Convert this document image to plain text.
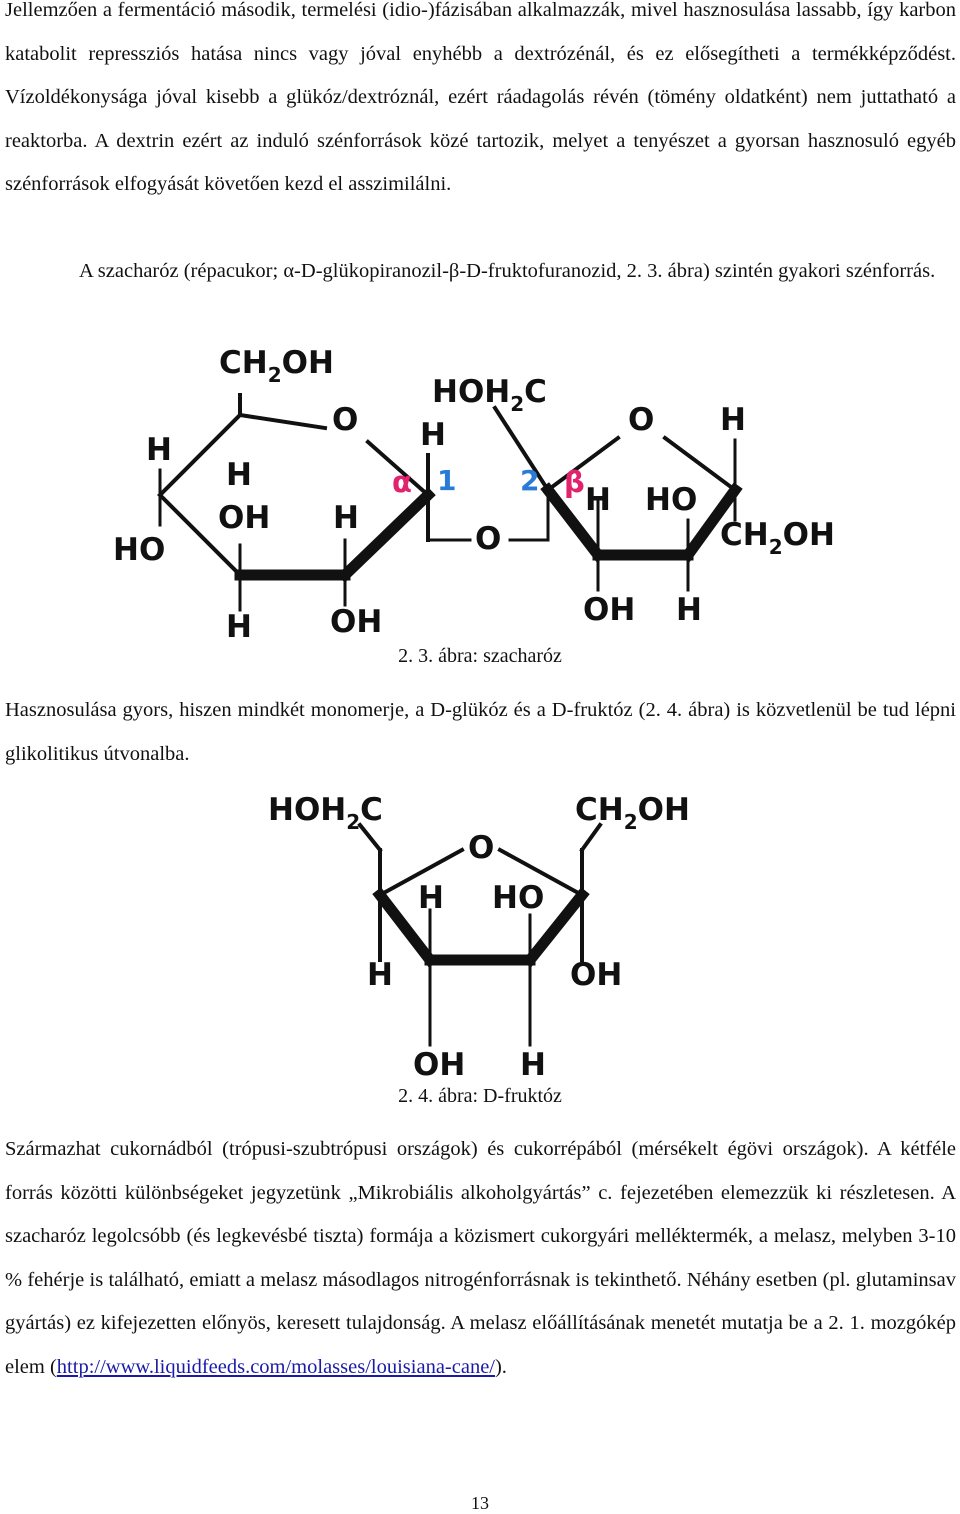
Jellemzően a fermentáció második, termelési (idio-)fázisában alkalmazzák, mivel hasznosulása lassabb, így karbon katabolit repressziós hatása nincs vagy jóval enyhébb a dextrózénál, és ez elősegítheti a termékképződést. Vízoldékonysága jóval kisebb a glükóz/dextróznál, ezért ráadagolás révén (tömény oldatként) nem juttatható a reaktorba. A dextrin ezért az induló szénforrások közé tartozik, melyet a tenyészet a gyorsan hasznosuló egyéb szénforrások elfogyását követően kezd el asszimilálni.

A szacharóz (répacukor; α-D-glükopiranozil-β-D-fruktofuranozid, 2. 3. ábra) szintén gyakori szénforrás.

$CH_2OH$
O
H
HO
H
OH H
H	OH
α 1
H
$HOH_2C$
O
2 β
O H
H HO
$CH_2OH$
OH H

2. 3. ábra: szacharóz

Hasznosulása gyors, hiszen mindkét monomerje, a D-glükóz és a D-fruktóz (2. 4. ábra) is közvetlenül be tud lépni glikolitikus útvonalba.

$HOH_2C$	$CH_2OH$
O
H HO
H	OH
OH H

2. 4. ábra: D-fruktóz

Származhat cukornádból (trópusi-szubtrópusi országok) és cukorrépából (mérsékelt égövi országok). A kétféle forrás közötti különbségeket jegyzetünk „Mikrobiális alkoholgyártás” c. fejezetében elemezzük ki részletesen. A szacharóz legolcsóbb (és legkevésbé tiszta) formája a közismert cukorgyári melléktermék, a melasz, melyben 3-10 % fehérje is található, emiatt a melasz másodlagos nitrogénforrásnak is tekinthető. Néhány esetben (pl. glutaminsav gyártás) ez kifejezetten előnyös, keresett tulajdonság. A melasz előállításának menetét mutatja be a 2. 1. mozgókép elem (http://www.liquidfeeds.com/molasses/louisiana-cane/).

13
